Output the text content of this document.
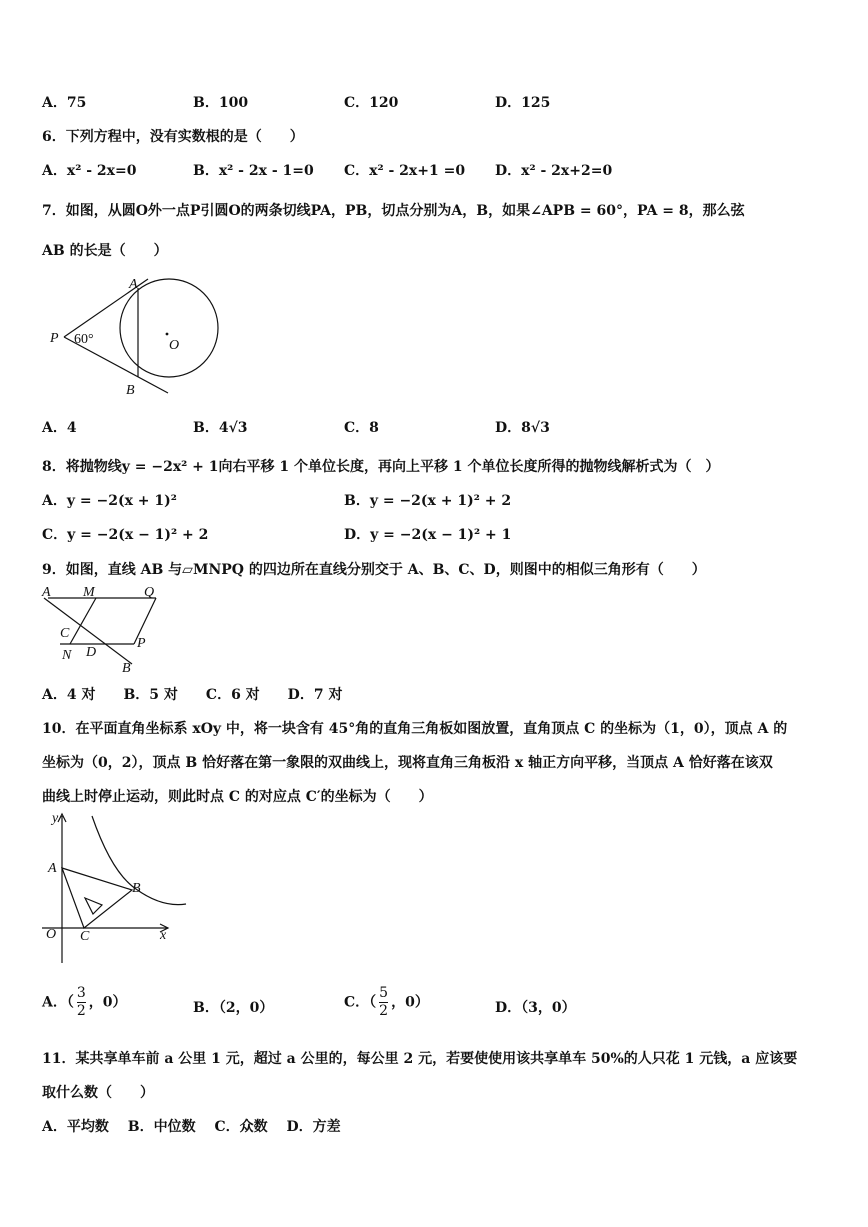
A．75	B．100	C．120	D．125
6．下列方程中，没有实数根的是（　　）
A．x² - 2x=0	B．x² - 2x - 1=0 C．x² - 2x+1 =0 D．x² - 2x+2=0
7．如图，从圆O外一点P引圆O的两条切线PA，PB，切点分别为A，B，如果∠APB = 60°，PA = 8，那么弦
AB 的长是（　　）
A
B
P	O
60°
A．4	B．4√3	C．8	D．8√3
8．将抛物线y = −2x² + 1向右平移 1 个单位长度，再向上平移 1 个单位长度所得的抛物线解析式为（　）
A．y = −2(x + 1)²	B．y = −2(x + 1)² + 2
C．y = −2(x − 1)² + 2	D．y = −2(x − 1)² + 1
9．如图，直线 AB 与▱MNPQ 的四边所在直线分别交于 A、B、C、D，则图中的相似三角形有（　　）
A M	Q
C
P
N D
B
A．4 对　　B．5 对　　C．6 对　　D．7 对
10．在平面直角坐标系 xOy 中，将一块含有 45°角的直角三角板如图放置，直角顶点 C 的坐标为（1，0），顶点 A 的
坐标为（0，2），顶点 B 恰好落在第一象限的双曲线上，现将直角三角板沿 x 轴正方向平移，当顶点 A 恰好落在该双
曲线上时停止运动，则此时点 C 的对应点 C′的坐标为（　　）
y
x
O
A
B
C
A．（ $\frac{3}{2}$ ，0）	B．（2，0）	C．（ $\frac{5}{2}$ ，0）	D．（3，0）
11．某共享单车前 a 公里 1 元，超过 a 公里的，每公里 2 元，若要使使用该共享单车 50%的人只花 1 元钱，a 应该要
取什么数（　　）
A．平均数　 B．中位数　 C．众数　 D．方差
